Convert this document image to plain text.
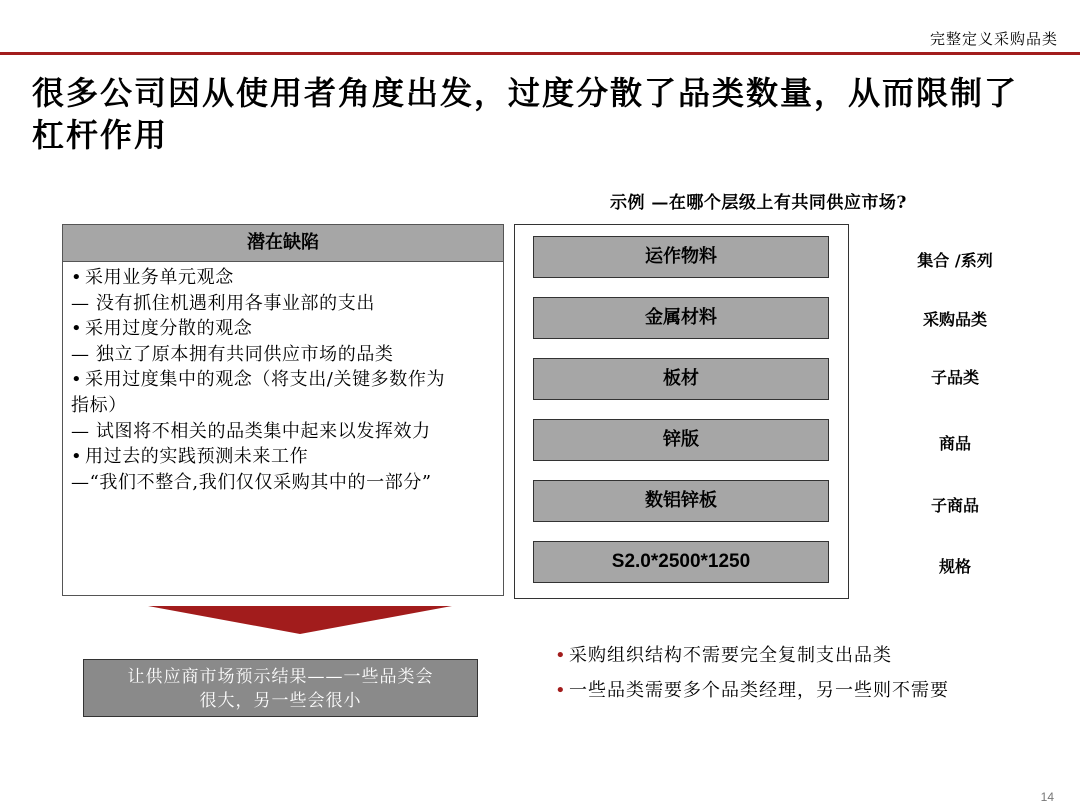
完整定义采购品类
很多公司因从使用者角度出发，过度分散了品类数量，从而限制了杠杆作用
示例 —在哪个层级上有共同供应市场?
潜在缺陷
• 采用业务单元观念
— 没有抓住机遇利用各事业部的支出
• 采用过度分散的观念
— 独立了原本拥有共同供应市场的品类
• 采用过度集中的观念（将支出/关键多数作为
指标）
— 试图将不相关的品类集中起来以发挥效力
• 用过去的实践预测未来工作
—“我们不整合,我们仅仅采购其中的一部分”
运作物料
金属材料
板材
锌版
数铝锌板
S2.0*2500*1250
集合 /系列
采购品类
子品类
商品
子商品
规格
让供应商市场预示结果——一些品类会
很大，另一些会很小
• 采购组织结构不需要完全复制支出品类
• 一些品类需要多个品类经理，另一些则不需要
14
